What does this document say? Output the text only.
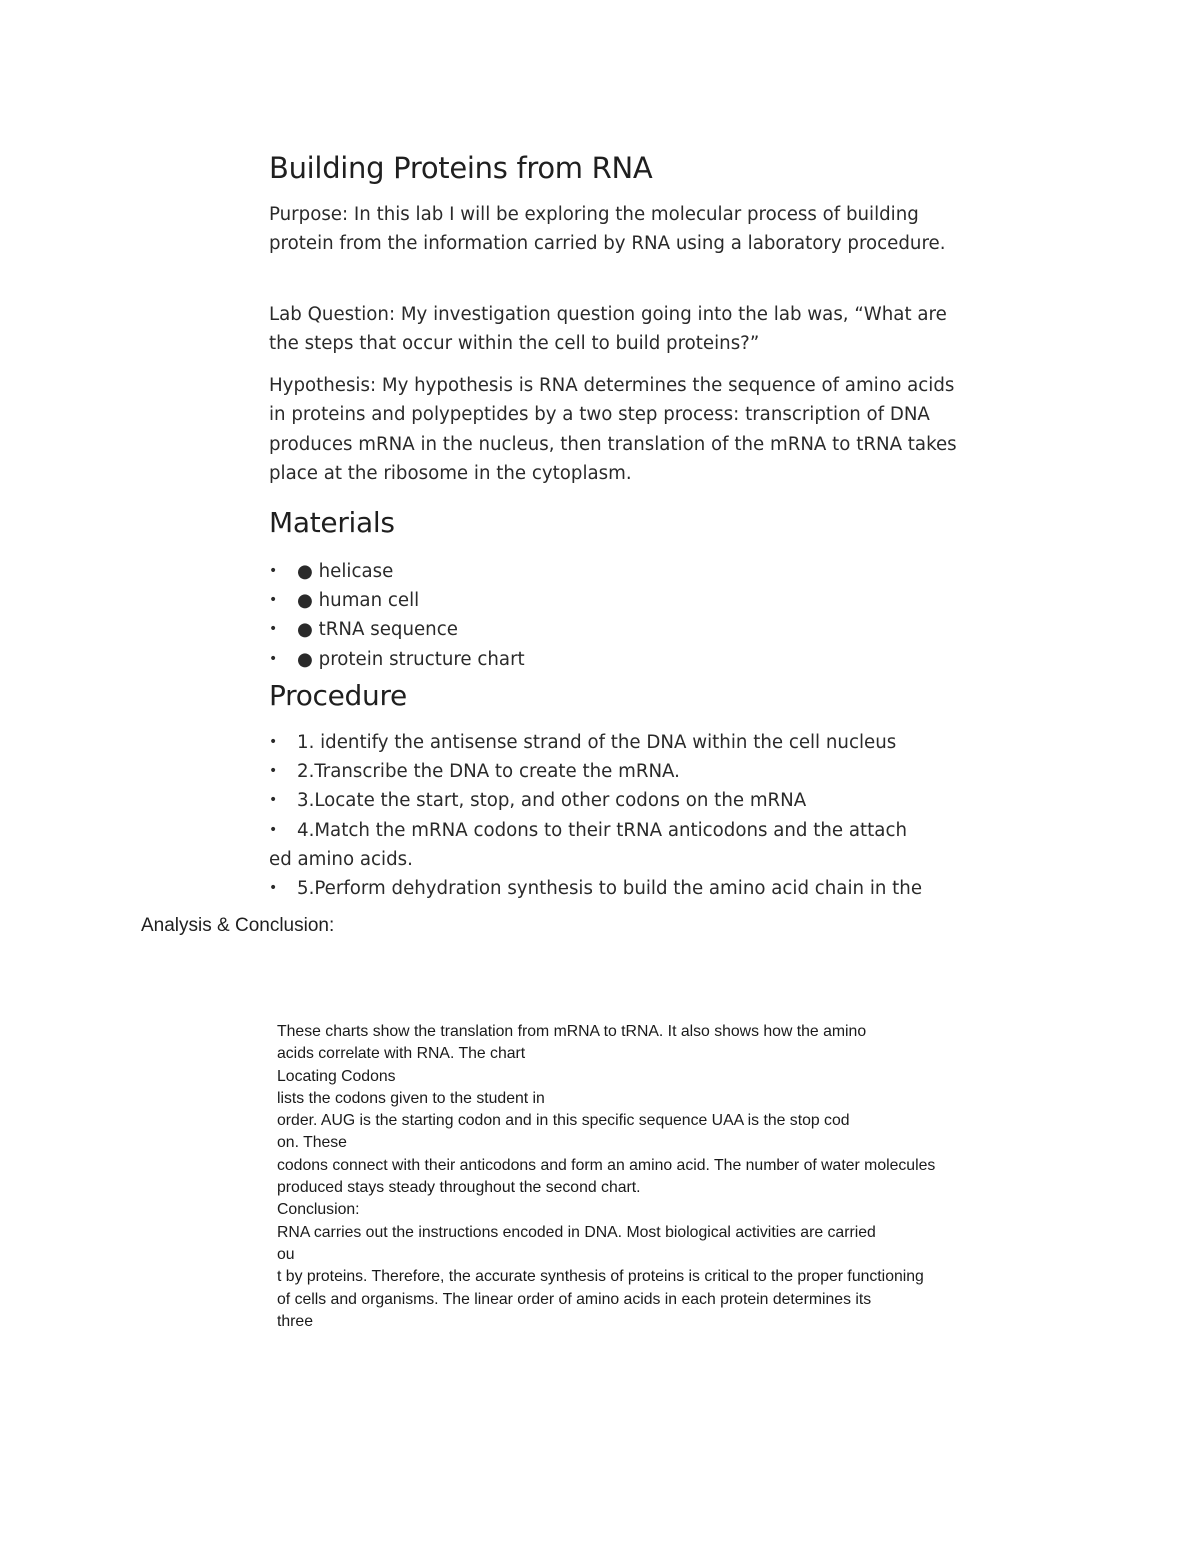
Building Proteins from RNA

Purpose: In this lab I will be exploring the molecular process of building protein from the information carried by RNA using a laboratory procedure.

Lab Question: My investigation question going into the lab was, “What are the steps that occur within the cell to build proteins?”

Hypothesis: My hypothesis is RNA determines the sequence of amino acids in proteins and polypeptides by a two step process: transcription of DNA produces mRNA in the nucleus, then translation of the mRNA to tRNA takes place at the ribosome in the cytoplasm.

Materials
•	● helicase
•	● human cell
•	● tRNA sequence
•	● protein structure chart
Procedure
•	1. identify the antisense strand of the DNA within the cell nucleus
•	2.Transcribe the DNA to create the mRNA.
•	3.Locate the start, stop, and other codons on the mRNA
•	4.Match the mRNA codons to their tRNA anticodons and the attach
ed amino acids.
•	5.Perform dehydration synthesis to build the amino acid chain in the
Analysis & Conclusion:
These charts show the translation from mRNA to tRNA. It also shows how the amino
acids correlate with RNA. The chart
Locating Codons
lists the codons given to the student in
order. AUG is the starting codon and in this specific sequence UAA is the stop cod
on. These
codons connect with their anticodons and form an amino acid. The number of water molecules
produced stays steady throughout the second chart.
Conclusion:
RNA carries out the instructions encoded in DNA. Most biological activities are carried
ou
t by proteins. Therefore, the accurate synthesis of proteins is critical to the proper functioning
of cells and organisms. The linear order of amino acids in each protein determines its
three
